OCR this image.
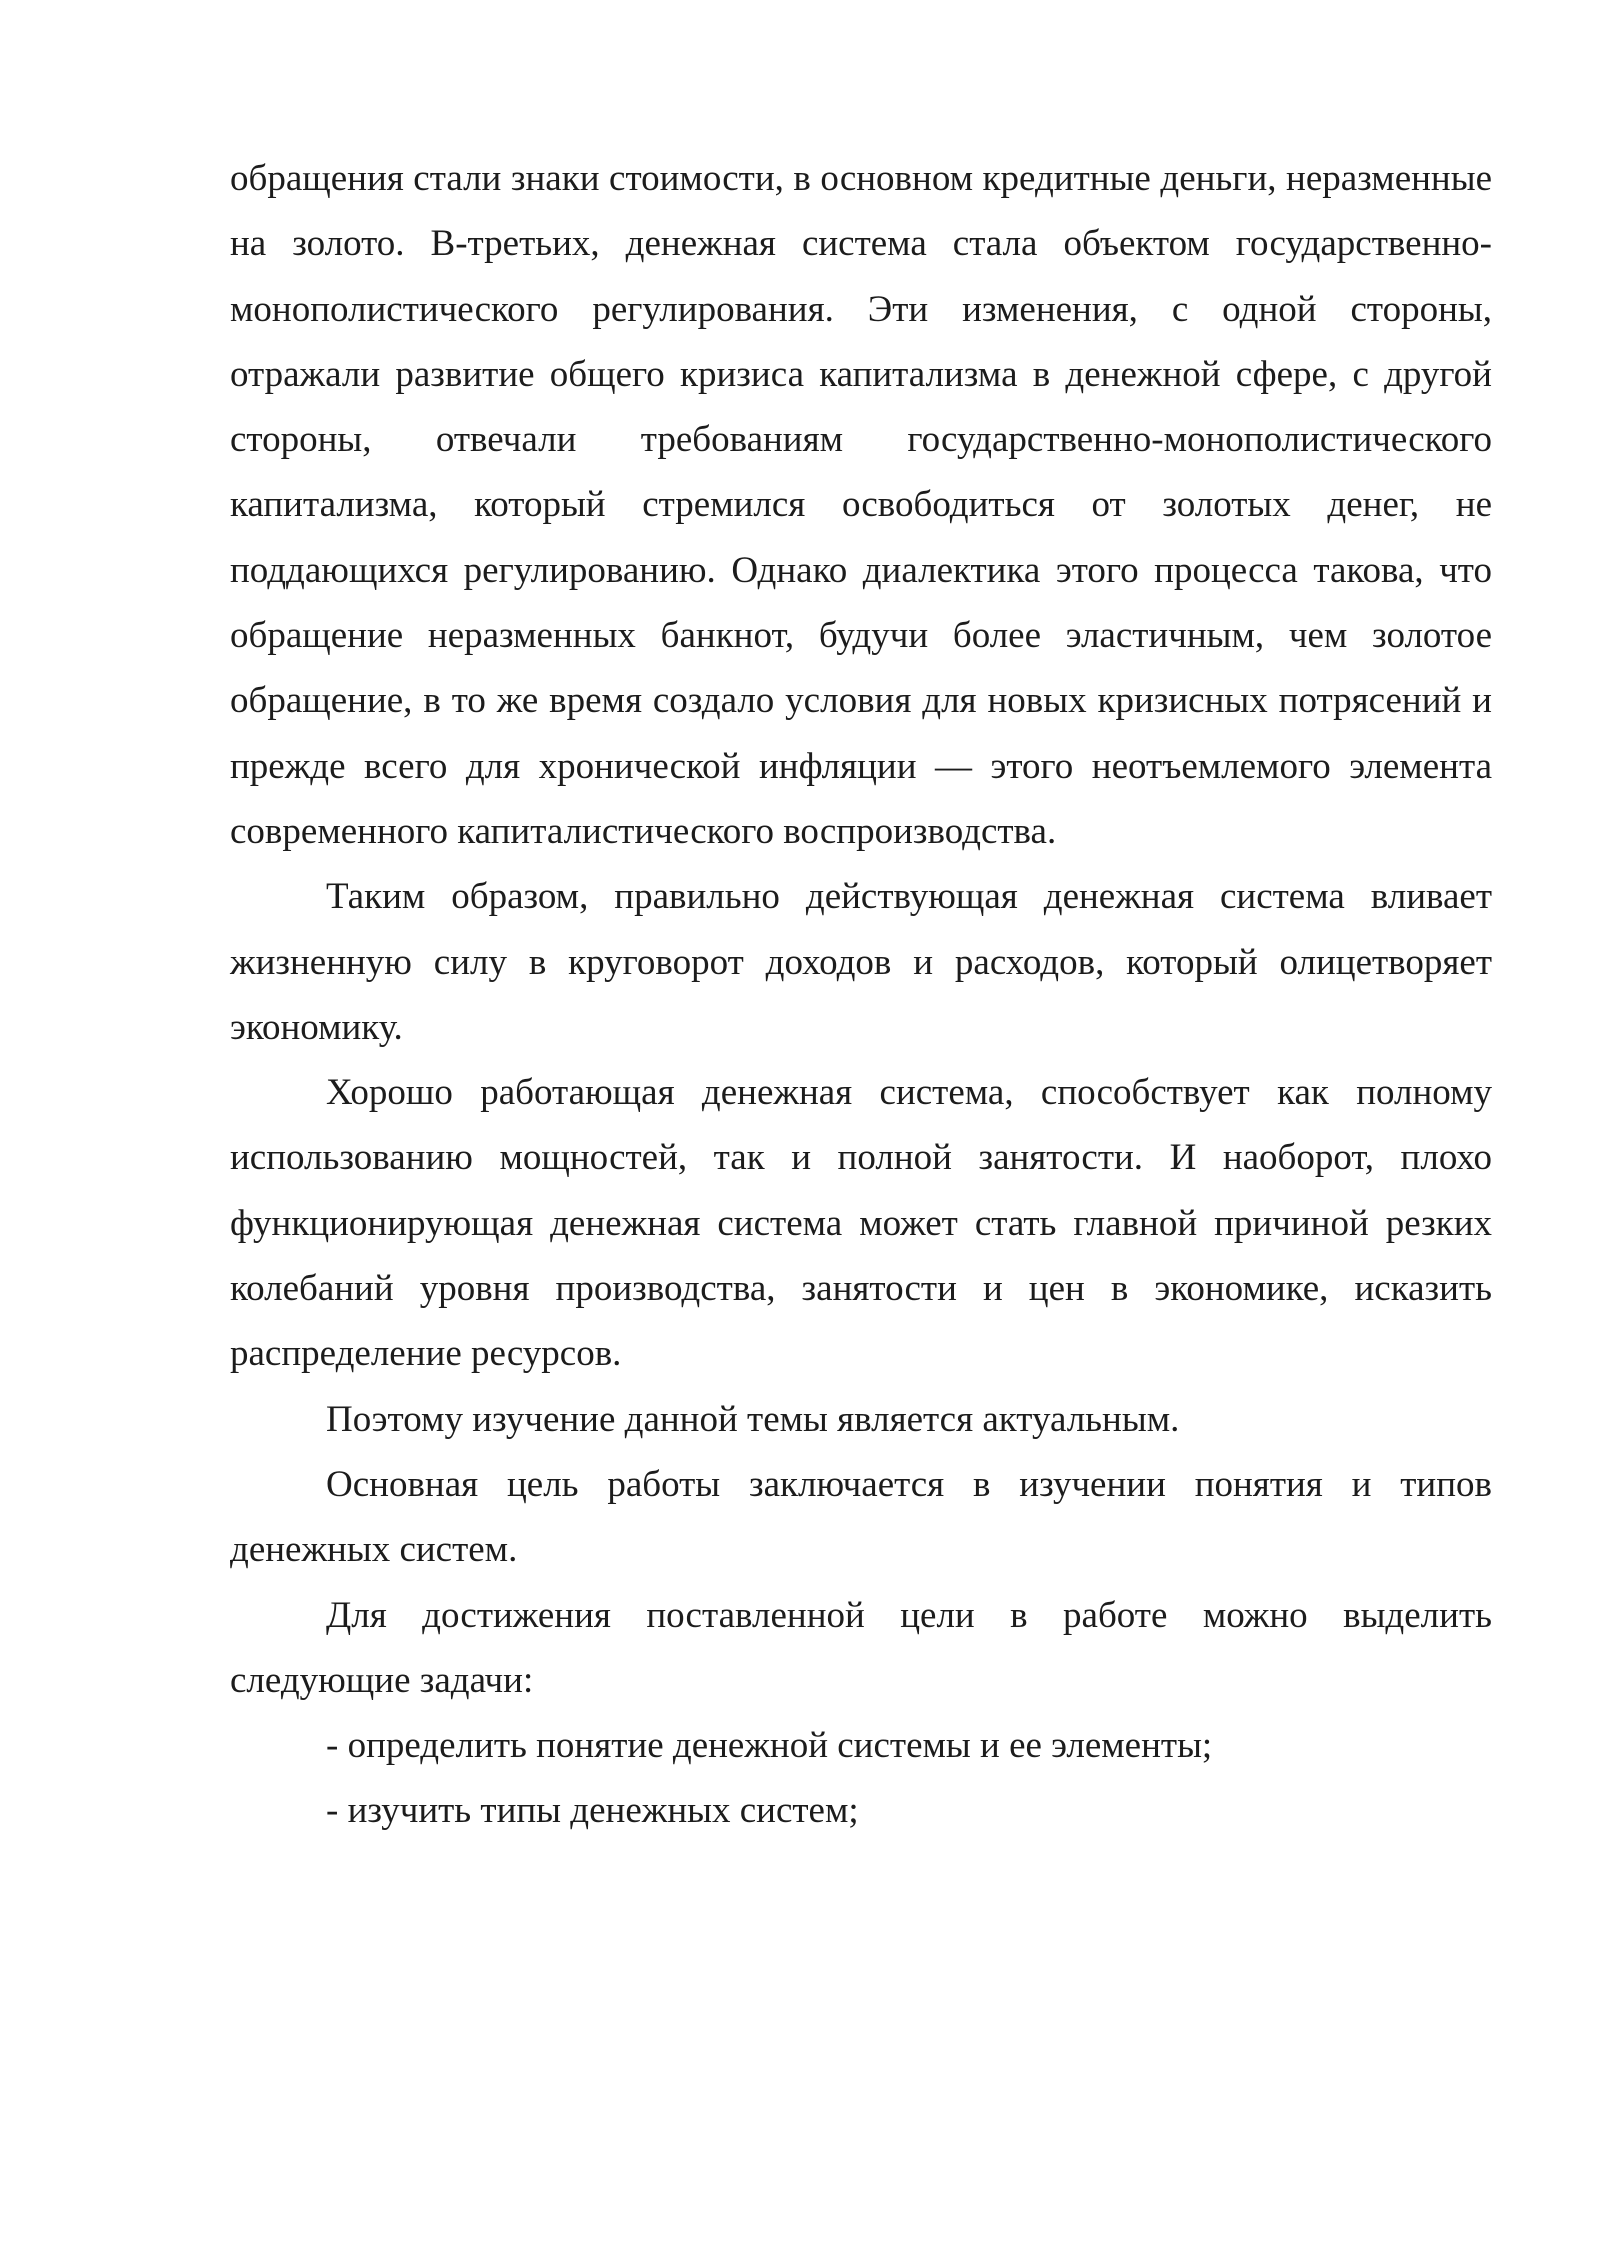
обращения стали знаки стоимости, в основном кредитные деньги, неразменные на золото. В-третьих, денежная система стала объектом государственно-монополистического регулирования. Эти изменения, с одной стороны, отражали развитие общего кризиса капитализма в денежной сфере, с другой стороны, отвечали требованиям государственно-монополистического капитализма, который стремился освободиться от золотых денег, не поддающихся регулированию. Однако диалектика этого процесса такова, что обращение неразменных банкнот, будучи более эластичным, чем золотое обращение, в то же время создало условия для новых кризисных потрясений и прежде всего для хронической инфляции — этого неотъемлемого элемента современного капиталистического воспроизводства.

Таким образом, правильно действующая денежная система вливает жизненную силу в круговорот доходов и расходов, который олицетворяет экономику.

Хорошо работающая денежная система, способствует как полному использованию мощностей, так и полной занятости. И наоборот, плохо функционирующая денежная система может стать главной причиной резких колебаний уровня производства, занятости и цен в экономике, исказить распределение ресурсов.

Поэтому изучение данной темы является актуальным.

Основная цель работы заключается в изучении понятия и типов денежных систем.

Для достижения поставленной цели в работе можно выделить следующие задачи:

- определить понятие денежной системы и ее элементы;

- изучить типы денежных систем;
